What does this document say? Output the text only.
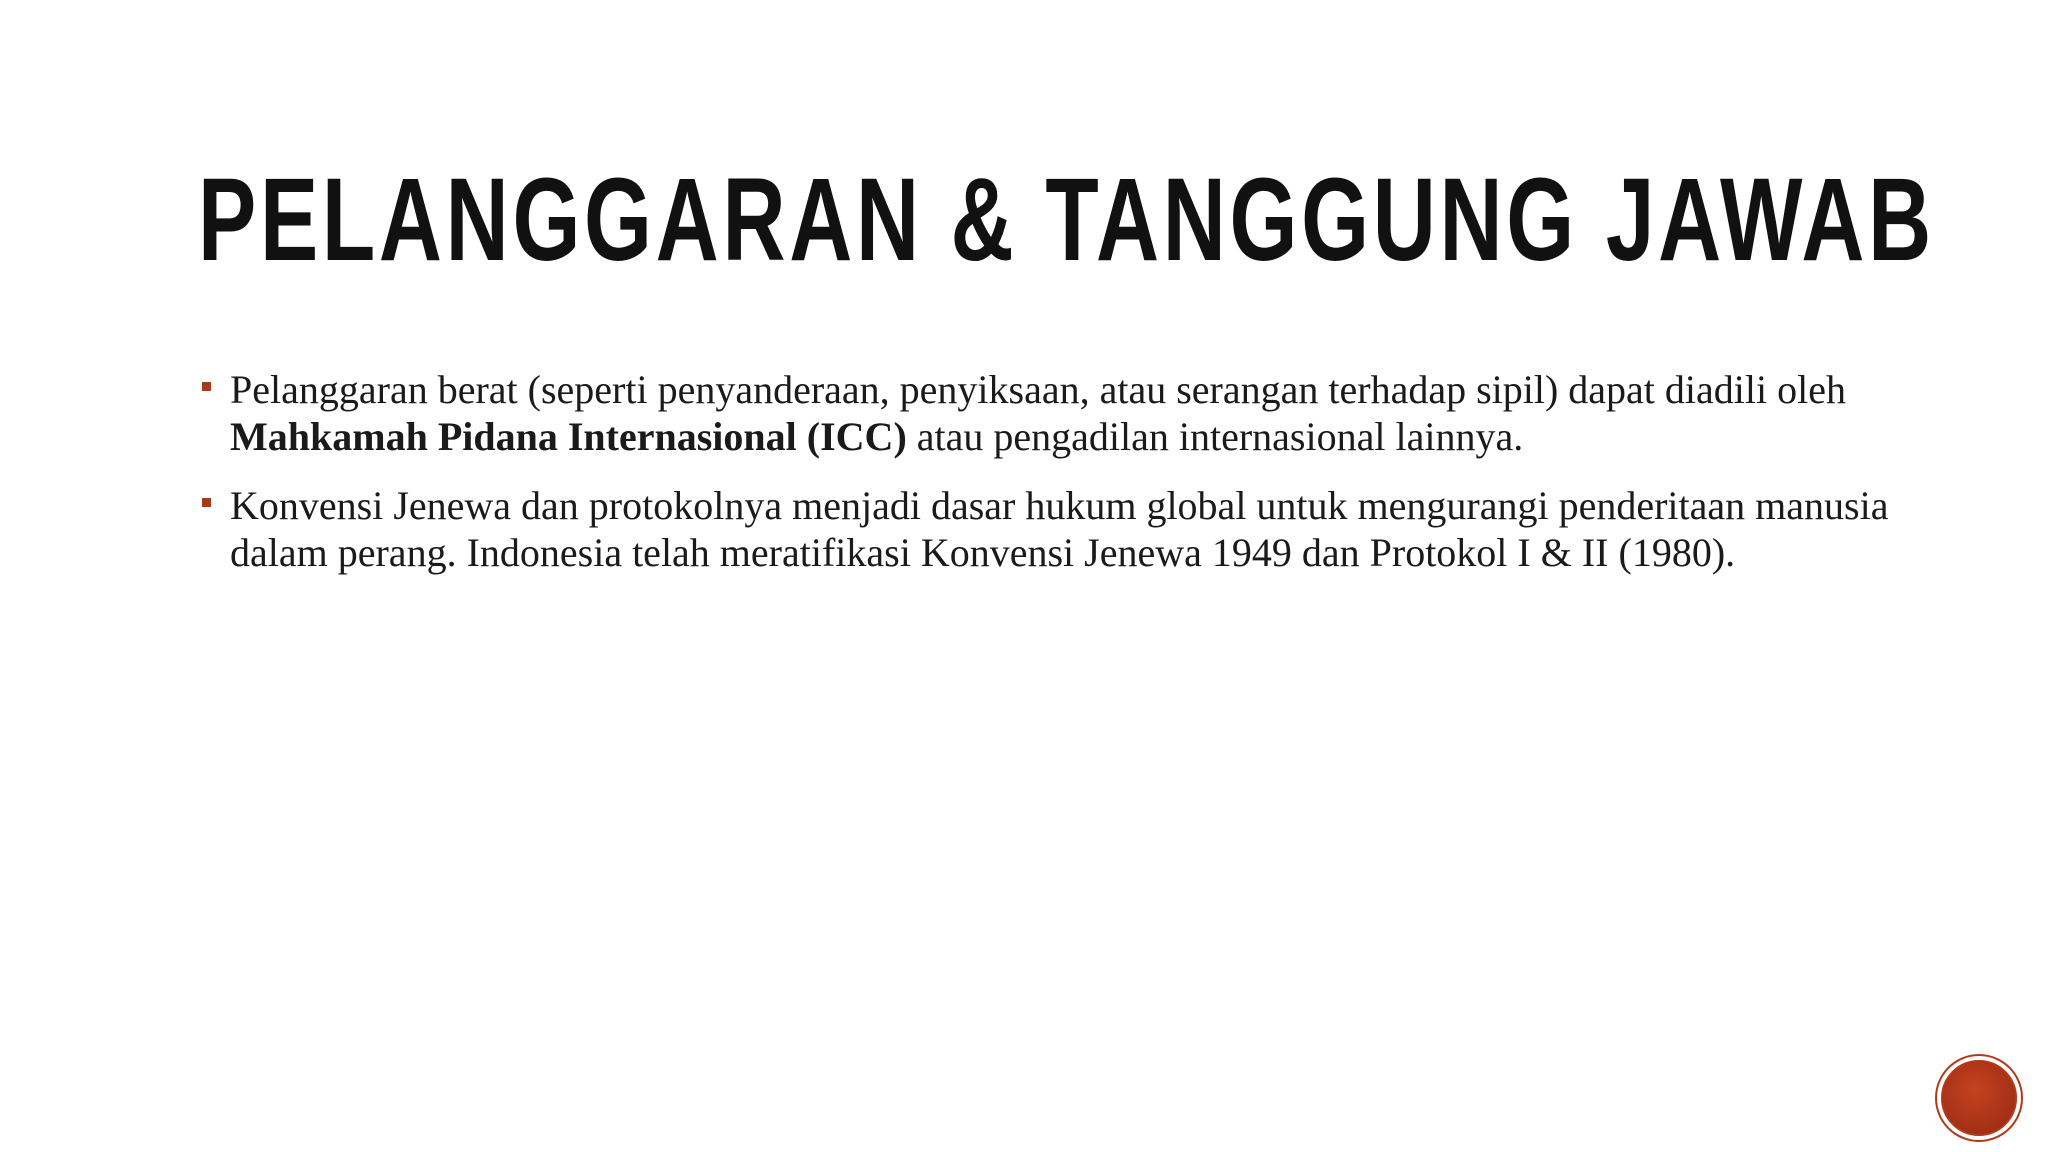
PELANGGARAN & TANGGUNG JAWAB
Pelanggaran berat (seperti penyanderaan, penyiksaan, atau serangan terhadap sipil) dapat diadili oleh Mahkamah Pidana Internasional (ICC) atau pengadilan internasional lainnya.
Konvensi Jenewa dan protokolnya menjadi dasar hukum global untuk mengurangi penderitaan manusia dalam perang. Indonesia telah meratifikasi Konvensi Jenewa 1949 dan Protokol I & II (1980).
